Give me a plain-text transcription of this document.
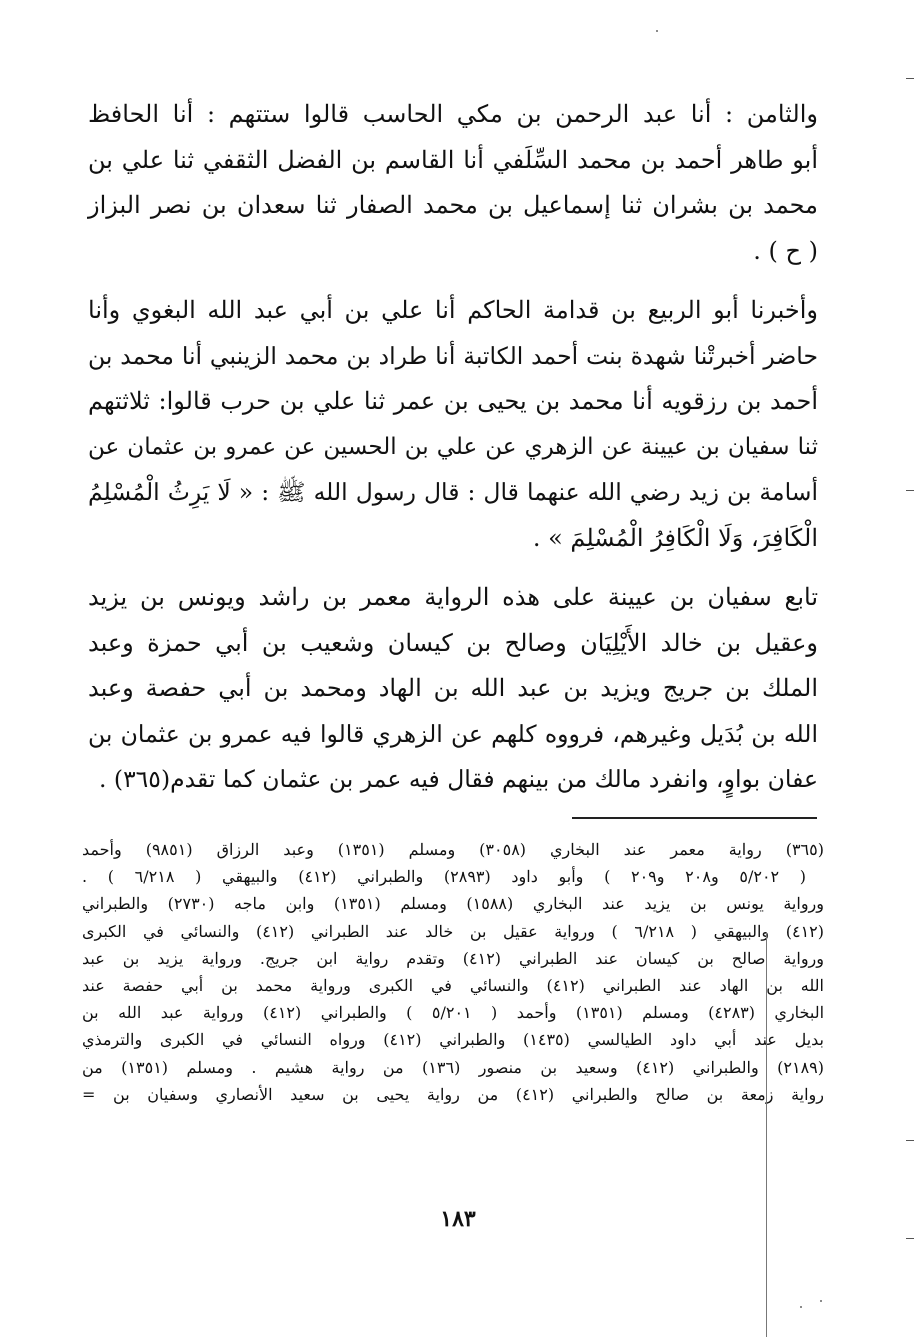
والثامن : أنا عبد الرحمن بن مكي الحاسب قالوا ستتهم : أنا الحافظ
أبو طاهر أحمد بن محمد السِّلَفي أنا القاسم بن الفضل الثقفي ثنا علي بن
محمد بن بشران ثنا إسماعيل بن محمد الصفار ثنا سعدان بن نصر البزاز
( ح ) .

وأخبرنا أبو الربيع بن قدامة الحاكم أنا علي بن أبي عبد الله البغوي وأنا
حاضر أخبرتْنا شهدة بنت أحمد الكاتبة أنا طراد بن محمد الزينبي أنا محمد بن
أحمد بن رزقويه أنا محمد بن يحيى بن عمر ثنا علي بن حرب قالوا: ثلاثتهم
ثنا سفيان بن عيينة عن الزهري عن علي بن الحسين عن عمرو بن عثمان عن
أسامة بن زيد رضي الله عنهما قال : قال رسول الله ﷺ : « لَا يَرِثُ الْمُسْلِمُ
الْكَافِرَ، وَلَا الْكَافِرُ الْمُسْلِمَ » .

تابع سفيان بن عيينة على هذه الرواية معمر بن راشد ويونس بن يزيد
وعقيل بن خالد الأَيْلِيَان وصالح بن كيسان وشعيب بن أبي حمزة وعبد
الملك بن جريج ويزيد بن عبد الله بن الهاد ومحمد بن أبي حفصة وعبد
الله بن بُدَيل وغيرهم، فرووه كلهم عن الزهري قالوا فيه عمرو بن عثمان بن
عفان بواوٍ، وانفرد مالك من بينهم فقال فيه عمر بن عثمان كما تقدم(٣٦٥) .

(٣٦٥) رواية معمر عند البخاري (٣٠٥٨) ومسلم (١٣٥١) وعبد الرزاق (٩٨٥١) وأحمد
( ٥/٢٠٢ و٢٠٨ و٢٠٩ ) وأبو داود (٢٨٩٣) والطبراني (٤١٢) والبيهقي ( ٦/٢١٨ ) .
ورواية يونس بن يزيد عند البخاري (١٥٨٨) ومسلم (١٣٥١) وابن ماجه (٢٧٣٠) والطبراني
(٤١٢) والبيهقي ( ٦/٢١٨ ) ورواية عقيل بن خالد عند الطبراني (٤١٢) والنسائي في الكبرى
ورواية صالح بن كيسان عند الطبراني (٤١٢) وتقدم رواية ابن جريج. ورواية يزيد بن عبد
الله بن الهاد عند الطبراني (٤١٢) والنسائي في الكبرى ورواية محمد بن أبي حفصة عند
البخاري (٤٢٨٣) ومسلم (١٣٥١) وأحمد ( ٥/٢٠١ ) والطبراني (٤١٢) ورواية عبد الله بن
بديل عند أبي داود الطيالسي (١٤٣٥) والطبراني (٤١٢) ورواه النسائي في الكبرى والترمذي
(٢١٨٩) والطبراني (٤١٢) وسعيد بن منصور (١٣٦) من رواية هشيم . ومسلم (١٣٥١) من
رواية زمعة بن صالح والطبراني (٤١٢) من رواية يحيى بن سعيد الأنصاري وسفيان بن =
١٨٣
